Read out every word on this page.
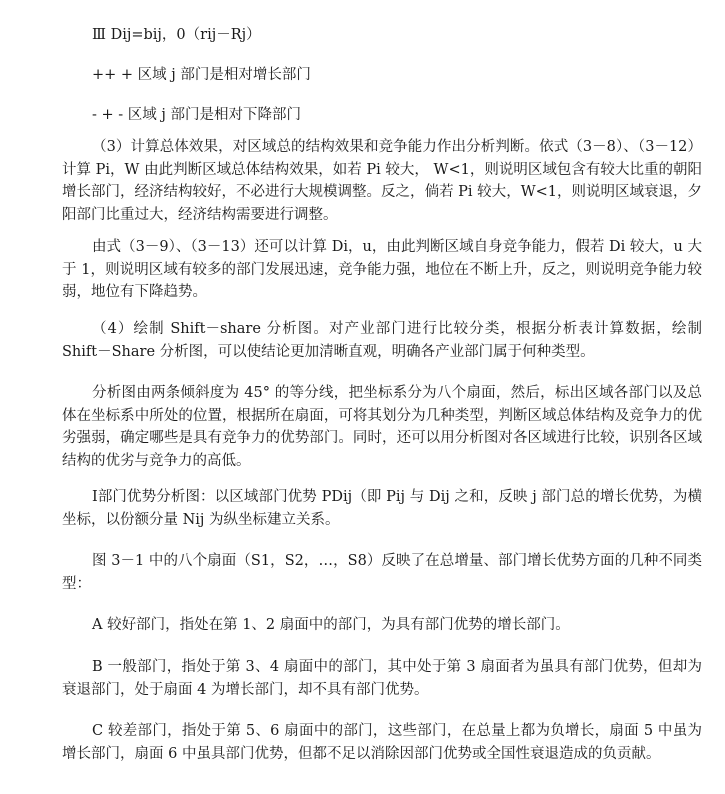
Ⅲ Dij=bij，0（rij－Rj）
++ + 区域 j 部门是相对增长部门
- + - 区域 j 部门是相对下降部门

（3）计算总体效果，对区域总的结构效果和竞争能力作出分析判断。依式（3－8）、（3－12）计算 Pi，W 由此判断区域总体结构效果，如若 Pi 较大， W<1，则说明区域包含有较大比重的朝阳增长部门，经济结构较好，不必进行大规模调整。反之，倘若 Pi 较大，W<1，则说明区域衰退，夕阳部门比重过大，经济结构需要进行调整。

由式（3－9）、（3－13）还可以计算 Di，u，由此判断区域自身竞争能力，假若 Di 较大，u 大于 1，则说明区域有较多的部门发展迅速，竞争能力强，地位在不断上升，反之，则说明竞争能力较弱，地位有下降趋势。

（4）绘制 Shift－share 分析图。对产业部门进行比较分类，根据分析表计算数据，绘制 Shift－Share 分析图，可以使结论更加清晰直观，明确各产业部门属于何种类型。

分析图由两条倾斜度为 45° 的等分线，把坐标系分为八个扇面，然后，标出区域各部门以及总体在坐标系中所处的位置，根据所在扇面，可将其划分为几种类型，判断区域总体结构及竞争力的优劣强弱，确定哪些是具有竞争力的优势部门。同时，还可以用分析图对各区域进行比较，识别各区域结构的优劣与竞争力的高低。

Ⅰ部门优势分析图：以区域部门优势 PDij（即 Pij 与 Dij 之和，反映 j 部门总的增长优势，为横坐标，以份额分量 Nij 为纵坐标建立关系。

图 3－1 中的八个扇面（S1，S2，…，S8）反映了在总增量、部门增长优势方面的几种不同类型：

A 较好部门，指处在第 1、2 扇面中的部门，为具有部门优势的增长部门。

B 一般部门，指处于第 3、4 扇面中的部门，其中处于第 3 扇面者为虽具有部门优势，但却为衰退部门，处于扇面 4 为增长部门，却不具有部门优势。

C 较差部门，指处于第 5、6 扇面中的部门，这些部门，在总量上都为负增长，扇面 5 中虽为增长部门，扇面 6 中虽具部门优势，但都不足以消除因部门优势或全国性衰退造成的负贡献。
